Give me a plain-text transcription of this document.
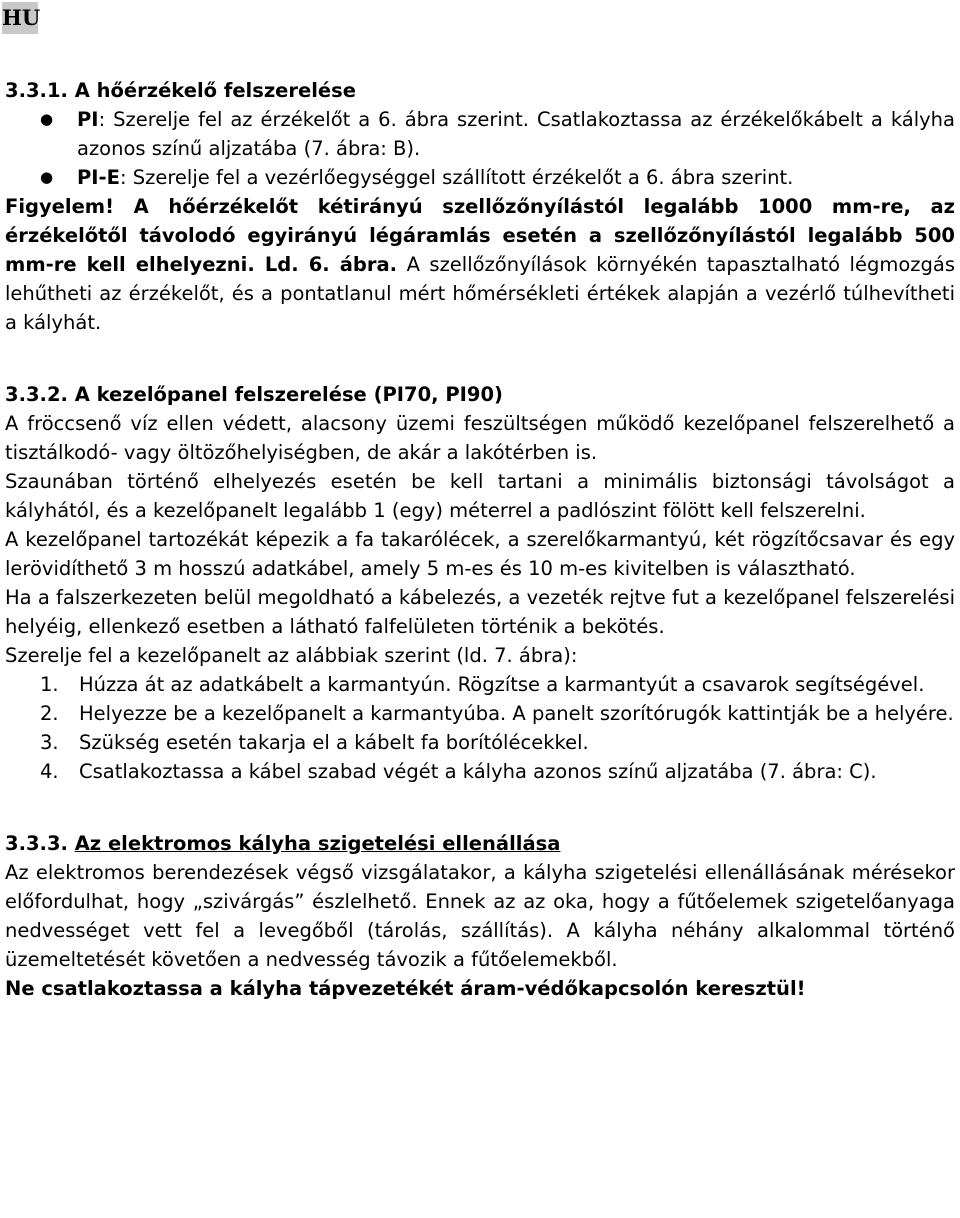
HU
3.3.1. A hőérzékelő felszerelése
● PI: Szerelje fel az érzékelőt a 6. ábra szerint. Csatlakoztassa az érzékelőkábelt a kályha azonos színű aljzatába (7. ábra: B).
● PI-E: Szerelje fel a vezérlőegységgel szállított érzékelőt a 6. ábra szerint.

Figyelem! A hőérzékelőt kétirányú szellőzőnyílástól legalább 1000 mm-re, az érzékelőtől távolodó egyirányú légáramlás esetén a szellőzőnyílástól legalább 500 mm-re kell elhelyezni. Ld. 6. ábra. A szellőzőnyílások környékén tapasztalható légmozgás lehűtheti az érzékelőt, és a pontatlanul mért hőmérsékleti értékek alapján a vezérlő túlhevítheti a kályhát.

3.3.2. A kezelőpanel felszerelése (PI70, PI90)

A fröccsenő víz ellen védett, alacsony üzemi feszültségen működő kezelőpanel felszerelhető a tisztálkodó- vagy öltözőhelyiségben, de akár a lakótérben is.

Szaunában történő elhelyezés esetén be kell tartani a minimális biztonsági távolságot a kályhától, és a kezelőpanelt legalább 1 (egy) méterrel a padlószint fölött kell felszerelni.

A kezelőpanel tartozékát képezik a fa takarólécek, a szerelőkarmantyú, két rögzítőcsavar és egy lerövidíthető 3 m hosszú adatkábel, amely 5 m-es és 10 m-es kivitelben is választható.

Ha a falszerkezeten belül megoldható a kábelezés, a vezeték rejtve fut a kezelőpanel felszerelési helyéig, ellenkező esetben a látható falfelületen történik a bekötés.

Szerelje fel a kezelőpanelt az alábbiak szerint (ld. 7. ábra):

1. Húzza át az adatkábelt a karmantyún. Rögzítse a karmantyút a csavarok segítségével.
2. Helyezze be a kezelőpanelt a karmantyúba. A panelt szorítórugók kattintják be a helyére.
3. Szükség esetén takarja el a kábelt fa borítólécekkel.
4. Csatlakoztassa a kábel szabad végét a kályha azonos színű aljzatába (7. ábra: C).
3.3.3. Az elektromos kályha szigetelési ellenállása

Az elektromos berendezések végső vizsgálatakor, a kályha szigetelési ellenállásának mérésekor előfordulhat, hogy „szivárgás” észlelhető. Ennek az az oka, hogy a fűtőelemek szigetelőanyaga nedvességet vett fel a levegőből (tárolás, szállítás). A kályha néhány alkalommal történő üzemeltetését követően a nedvesség távozik a fűtőelemekből.

Ne csatlakoztassa a kályha tápvezetékét áram-védőkapcsolón keresztül!
